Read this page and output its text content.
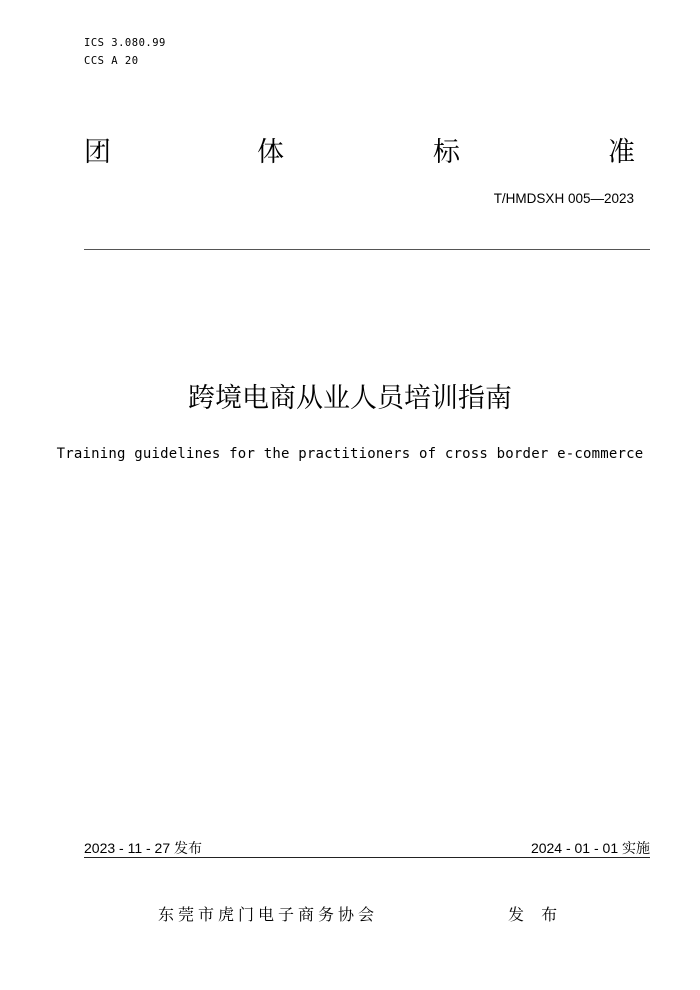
ICS 3.080.99
CCS A 20
团	体	标	准
T/HMDSXH 005—2023
跨境电商从业人员培训指南
Training guidelines for the practitioners of cross border e-commerce
2023 - 11 - 27 发布	2024 - 01 - 01 实施
东莞市虎门电子商务协会	发 布
